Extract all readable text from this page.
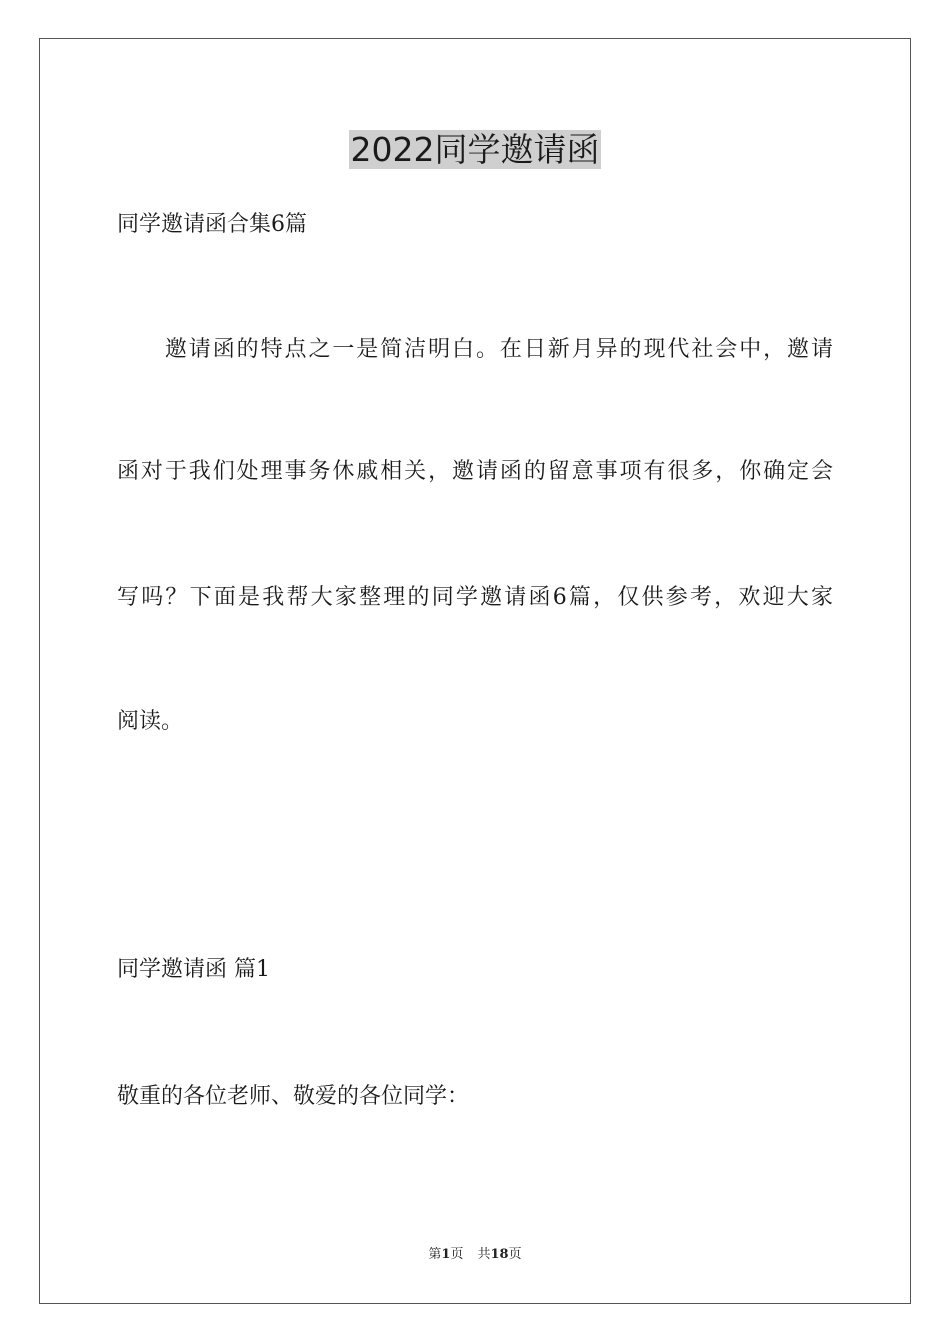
2022同学邀请函

同学邀请函合集6篇

　　邀请函的特点之一是简洁明白。在日新月异的现代社会中，邀请

函对于我们处理事务休戚相关，邀请函的留意事项有很多，你确定会

写吗？下面是我帮大家整理的同学邀请函6篇，仅供参考，欢迎大家

阅读。

同学邀请函 篇1

敬重的各位老师、敬爱的各位同学：

第1页 共18页
